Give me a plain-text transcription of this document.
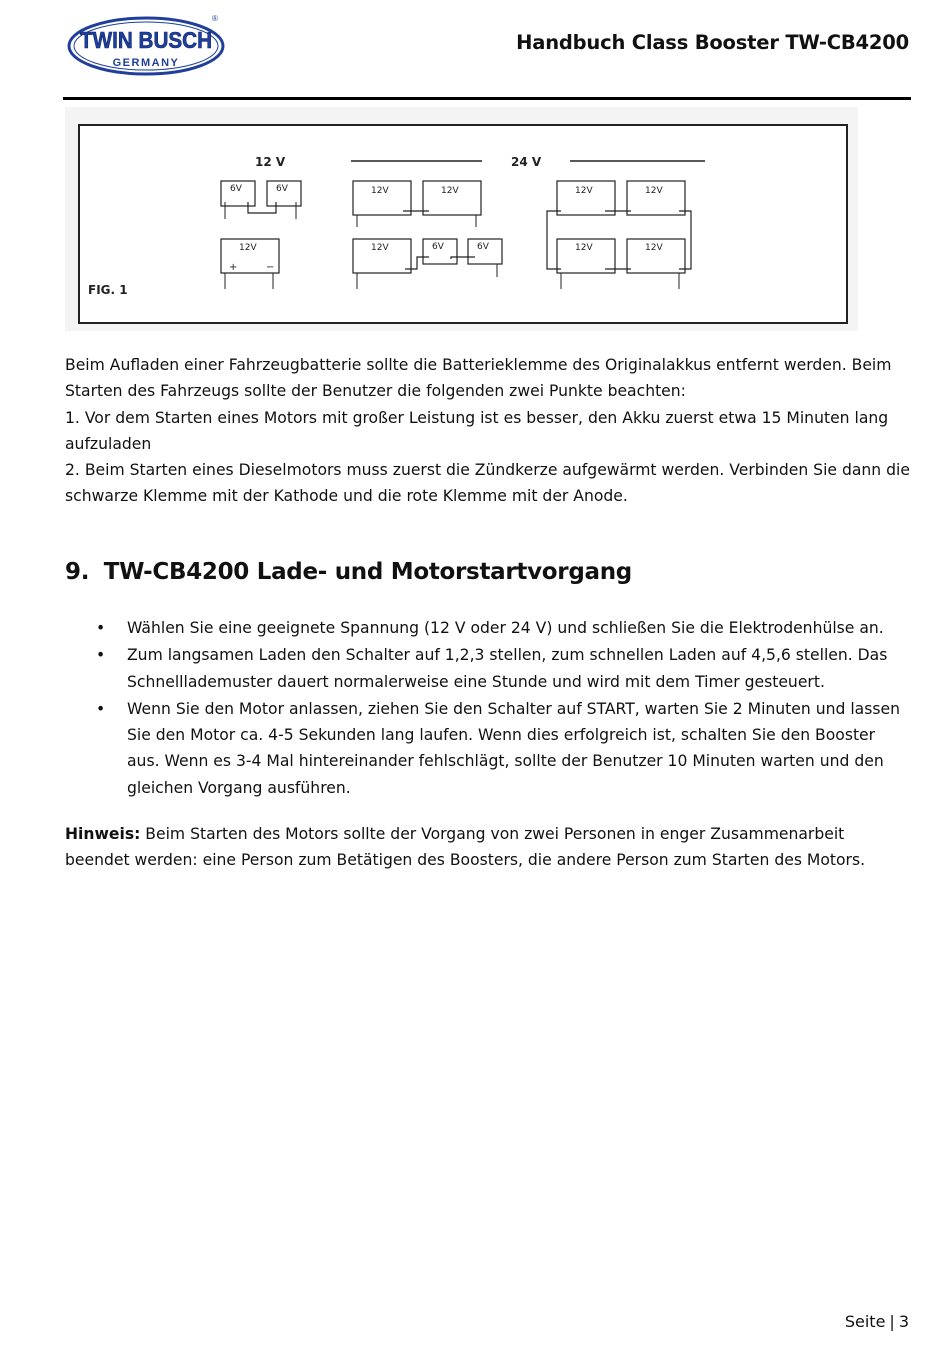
TWIN BUSCH
GERMANY
®
Handbuch Class Booster TW-CB4200
12 V	24 V
FIG. 1
6V	6V
12V
+	−
12V	12V
12V	6V	6V
12V	12V
12V	12V
Beim Aufladen einer Fahrzeugbatterie sollte die Batterieklemme des Originalakkus entfernt werden. Beim Starten des Fahrzeugs sollte der Benutzer die folgenden zwei Punkte beachten:
1. Vor dem Starten eines Motors mit großer Leistung ist es besser, den Akku zuerst etwa 15 Minuten lang aufzuladen
2. Beim Starten eines Dieselmotors muss zuerst die Zündkerze aufgewärmt werden. Verbinden Sie dann die schwarze Klemme mit der Kathode und die rote Klemme mit der Anode.
9. TW-CB4200 Lade- und Motorstartvorgang
• Wählen Sie eine geeignete Spannung (12 V oder 24 V) und schließen Sie die Elektrodenhülse an.
• Zum langsamen Laden den Schalter auf 1,2,3 stellen, zum schnellen Laden auf 4,5,6 stellen. Das Schnelllademuster dauert normalerweise eine Stunde und wird mit dem Timer gesteuert.
• Wenn Sie den Motor anlassen, ziehen Sie den Schalter auf START, warten Sie 2 Minuten und lassen Sie den Motor ca. 4-5 Sekunden lang laufen. Wenn dies erfolgreich ist, schalten Sie den Booster aus. Wenn es 3-4 Mal hintereinander fehlschlägt, sollte der Benutzer 10 Minuten warten und den gleichen Vorgang ausführen.
Hinweis: Beim Starten des Motors sollte der Vorgang von zwei Personen in enger Zusammenarbeit beendet werden: eine Person zum Betätigen des Boosters, die andere Person zum Starten des Motors.
Seite | 3
